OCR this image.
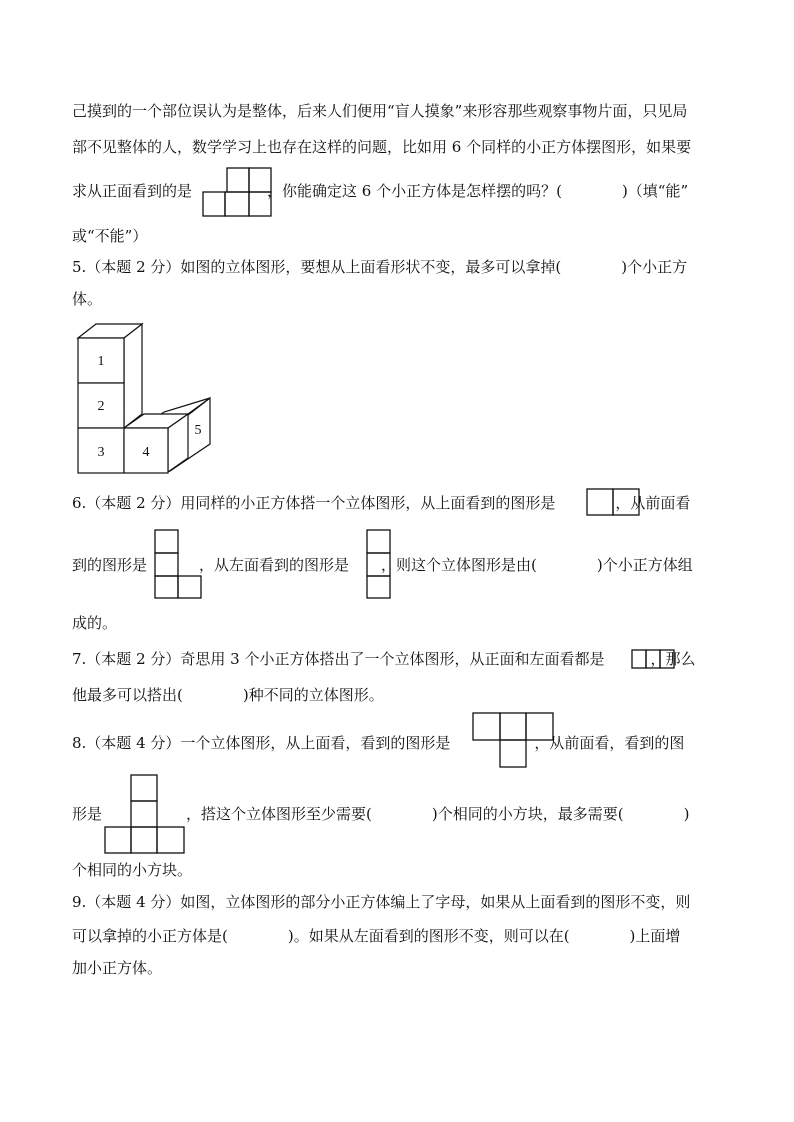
己摸到的一个部位误认为是整体，后来人们便用“盲人摸象”来形容那些观察事物片面，只见局
部不见整体的人，数学学习上也存在这样的问题，比如用 6 个同样的小正方体摆图形，如果要
求从正面看到的是	，你能确定这 6 个小正方体是怎样摆的吗？(　　　　)（填“能”
或“不能”）
5.（本题 2 分）如图的立体图形，要想从上面看形状不变，最多可以拿掉(　　　　)个小正方
体。
1
2
3	4
5
6.（本题 2 分）用同样的小正方体搭一个立体图形，从上面看到的图形是	，从前面看
到的图形是	，从左面看到的图形是 ，则这个立体图形是由(　　　　)个小正方体组
成的。
7.（本题 2 分）奇思用 3 个小正方体搭出了一个立体图形，从正面和左面看都是	，那么
他最多可以搭出(　　　　)种不同的立体图形。
8.（本题 4 分）一个立体图形，从上面看，看到的图形是	，从前面看，看到的图
形是	，搭这个立体图形至少需要(　　　　)个相同的小方块，最多需要(　　　　)
个相同的小方块。
9.（本题 4 分）如图，立体图形的部分小正方体编上了字母，如果从上面看到的图形不变，则
可以拿掉的小正方体是(　　　　)。如果从左面看到的图形不变，则可以在(　　　　)上面增
加小正方体。
